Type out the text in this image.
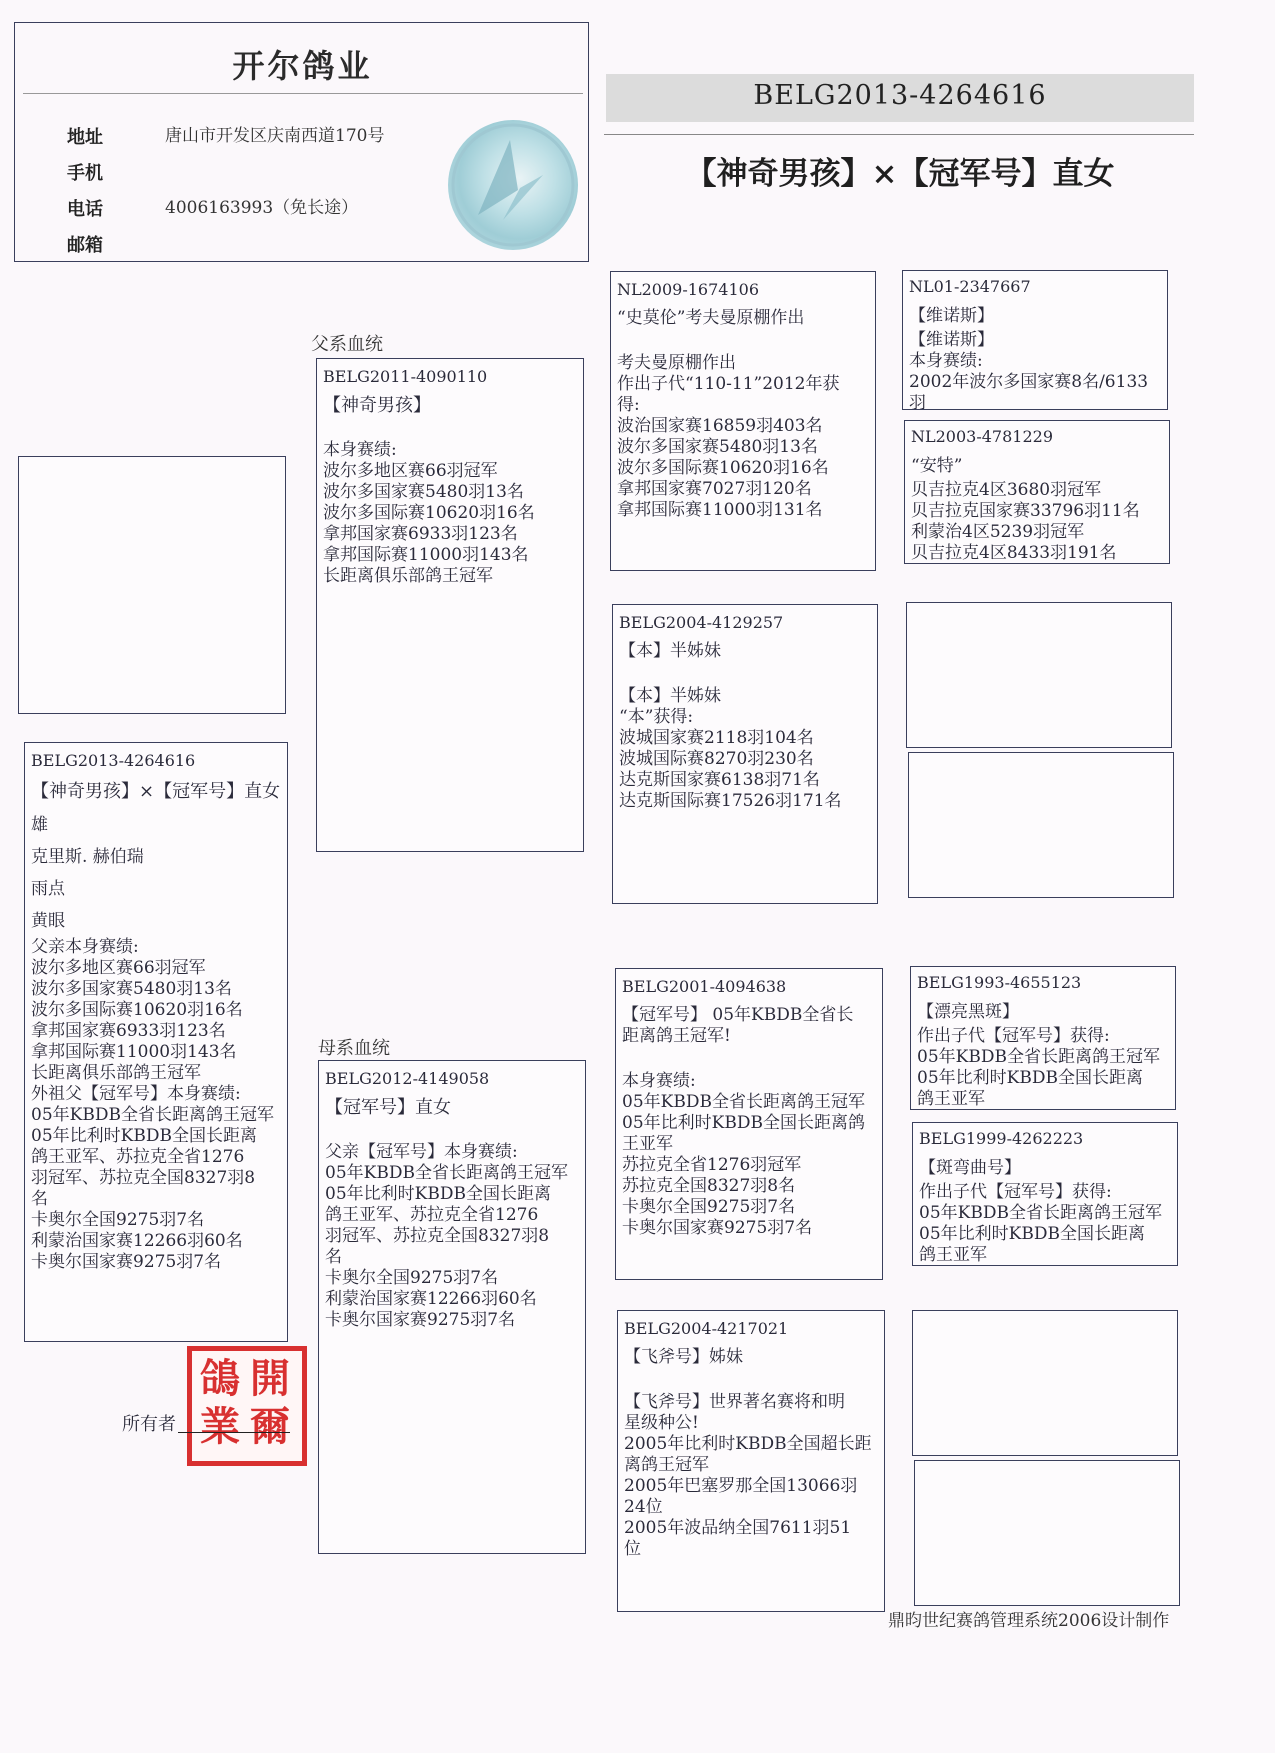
开尔鸽业
地址	唐山市开发区庆南西道170号
手机
电话	4006163993（免长途）
邮箱
BELG2013-4264616
【神奇男孩】×【冠军号】直女
BELG2013-4264616
【神奇男孩】×【冠军号】直女
雄
克里斯. 赫伯瑞
雨点
黄眼
父亲本身赛绩:
波尔多地区赛66羽冠军
波尔多国家赛5480羽13名
波尔多国际赛10620羽16名
拿邦国家赛6933羽123名
拿邦国际赛11000羽143名
长距离俱乐部鸽王冠军
外祖父【冠军号】本身赛绩:
05年KBDB全省长距离鸽王冠军
05年比利时KBDB全国长距离
鸽王亚军、苏拉克全省1276
羽冠军、苏拉克全国8327羽8
名
卡奥尔全国9275羽7名
利蒙治国家赛12266羽60名
卡奥尔国家赛9275羽7名
父系血统
母系血统
BELG2011-4090110
【神奇男孩】
本身赛绩:
波尔多地区赛66羽冠军
波尔多国家赛5480羽13名
波尔多国际赛10620羽16名
拿邦国家赛6933羽123名
拿邦国际赛11000羽143名
长距离俱乐部鸽王冠军
BELG2012-4149058
【冠军号】直女
父亲【冠军号】本身赛绩:
05年KBDB全省长距离鸽王冠军
05年比利时KBDB全国长距离
鸽王亚军、苏拉克全省1276
羽冠军、苏拉克全国8327羽8
名
卡奥尔全国9275羽7名
利蒙治国家赛12266羽60名
卡奥尔国家赛9275羽7名
NL2009-1674106
“史莫伦”考夫曼原棚作出
考夫曼原棚作出
作出子代“110-11”2012年获
得:
波治国家赛16859羽403名
波尔多国家赛5480羽13名
波尔多国际赛10620羽16名
拿邦国家赛7027羽120名
拿邦国际赛11000羽131名
BELG2004-4129257
【本】半姊妹
【本】半姊妹
“本”获得:
波城国家赛2118羽104名
波城国际赛8270羽230名
达克斯国家赛6138羽71名
达克斯国际赛17526羽171名
BELG2001-4094638
【冠军号】 05年KBDB全省长
距离鸽王冠军!
本身赛绩:
05年KBDB全省长距离鸽王冠军
05年比利时KBDB全国长距离鸽
王亚军
苏拉克全省1276羽冠军
苏拉克全国8327羽8名
卡奥尔全国9275羽7名
卡奥尔国家赛9275羽7名
BELG2004-4217021
【飞斧号】姊妹
【飞斧号】世界著名赛将和明
星级种公!
2005年比利时KBDB全国超长距
离鸽王冠军
2005年巴塞罗那全国13066羽
24位
2005年波品纳全国7611羽51
位
NL01-2347667
【维诺斯】
【维诺斯】
本身赛绩:
2002年波尔多国家赛8名/6133
羽
NL2003-4781229
“安特”
贝吉拉克4区3680羽冠军
贝吉拉克国家赛33796羽11名
利蒙治4区5239羽冠军
贝吉拉克4区8433羽191名
BELG1993-4655123
【漂亮黑斑】
作出子代【冠军号】获得:
05年KBDB全省长距离鸽王冠军
05年比利时KBDB全国长距离
鸽王亚军
BELG1999-4262223
【斑弯曲号】
作出子代【冠军号】获得:
05年KBDB全省长距离鸽王冠军
05年比利时KBDB全国长距离
鸽王亚军
開
爾
鴿
業
所有者
鼎昀世纪赛鸽管理系统2006设计制作
